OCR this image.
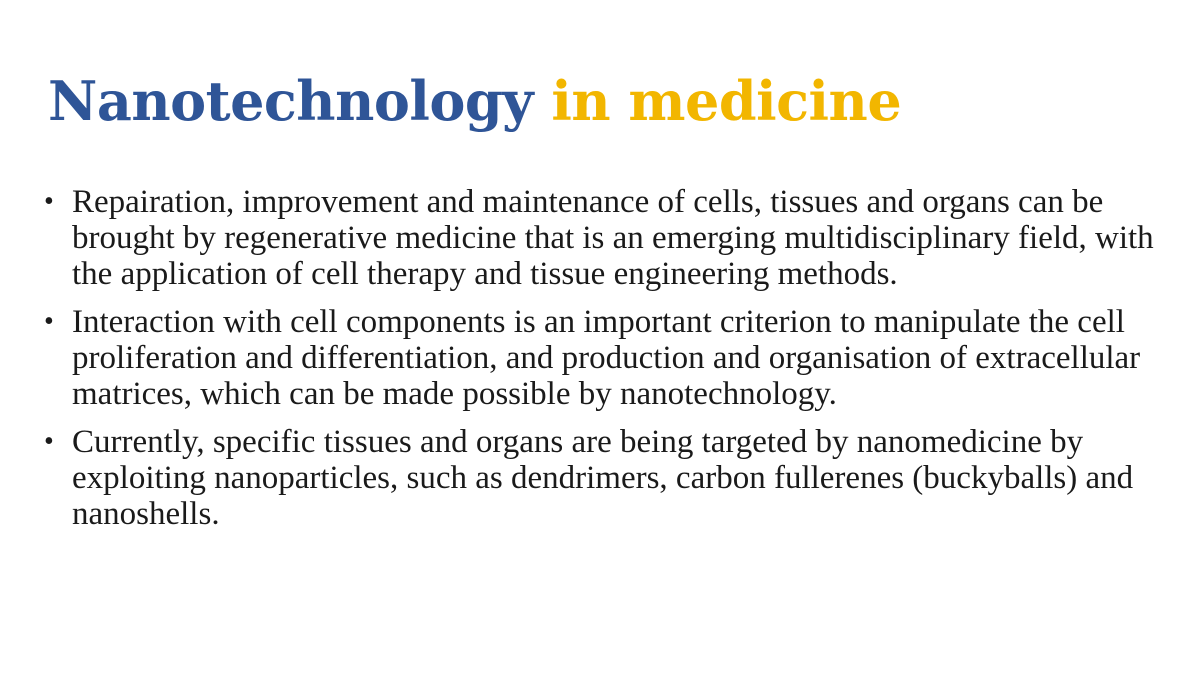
Nanotechnology in medicine
• Repairation, improvement and maintenance of cells, tissues and organs can be brought by regenerative medicine that is an emerging multidisciplinary field, with the application of cell therapy and tissue engineering methods.
• Interaction with cell components is an important criterion to manipulate the cell proliferation and differentiation, and production and organisation of extracellular matrices, which can be made possible by nanotechnology.
• Currently, specific tissues and organs are being targeted by nanomedicine by exploiting nanoparticles, such as dendrimers, carbon fullerenes (buckyballs) and nanoshells.
